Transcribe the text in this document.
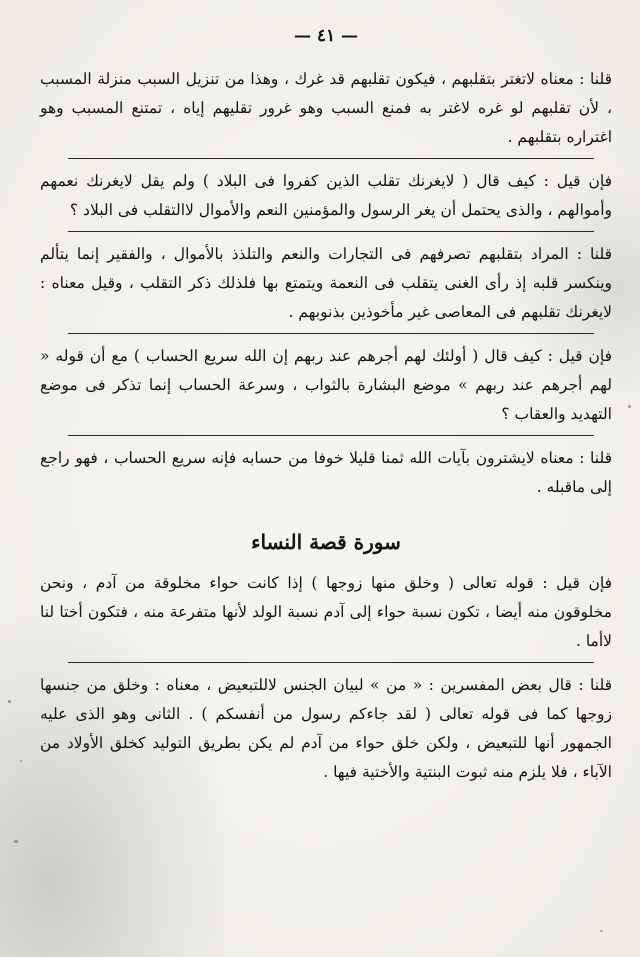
— ٤١ —

قلنا : معناه لاتغتر بتقلبهم ، فيكون تقلبهم قد غرك ، وهذا من تنزيل السبب منزلة المسبب ، لأن تقلبهم لو غره لاغتر به فمنع السبب وهو غرور تقليهم إياه ، تمتنع المسبب وهو اغتراره بتقلبهم .

فإن قيل : كيف قال ( لايغرنك تقلب الذين كفروا فى البلاد ) ولم يقل لايغرنك نعمهم وأموالهم ، والذى يحتمل أن يغر الرسول والمؤمنين النعم والأموال لاالتقلب فى البلاد ؟

قلنا : المراد بتقلبهم تصرفهم فى التجارات والنعم والتلذذ بالأموال ، والفقير إنما يتألم وينكسر قلبه إذ رأى الغنى يتقلب فى النعمة ويتمتع بها فلذلك ذكر التقلب ، وقيل معناه : لايغرنك تقلبهم فى المعاصى غير مأخوذين بذنوبهم .

فإن قيل : كيف قال ( أولئك لهم أجرهم عند ربهم إن الله سريع الحساب ) مع أن قوله « لهم أجرهم عند ربهم » موضع البشارة بالثواب ، وسرعة الحساب إنما تذكر فى موضع التهديد والعقاب ؟

قلنا : معناه لايشترون بآيات الله ثمنا قليلا خوفا من حسابه فإنه سريع الحساب ، فهو راجع إلى ماقبله .

سورة قصة النساء

فإن قيل : قوله تعالى ( وخلق منها زوجها ) إذا كانت حواء مخلوقة من آدم ، ونحن مخلوقون منه أيضا ، تكون نسبة حواء إلى آدم نسبة الولد لأنها متفرعة منه ، فتكون أختا لنا لاأما .

قلنا : قال بعض المفسرين : « من » لبيان الجنس لاللتبعيض ، معناه : وخلق من جنسها زوجها كما فى قوله تعالى ( لقد جاءكم رسول من أنفسكم ) . الثانى وهو الذى عليه الجمهور أنها للتبعيض ، ولكن خلق حواء من آدم لم يكن بطريق التوليد كخلق الأولاد من الآباء ، فلا يلزم منه ثبوت البنتية والأختية فيها .
